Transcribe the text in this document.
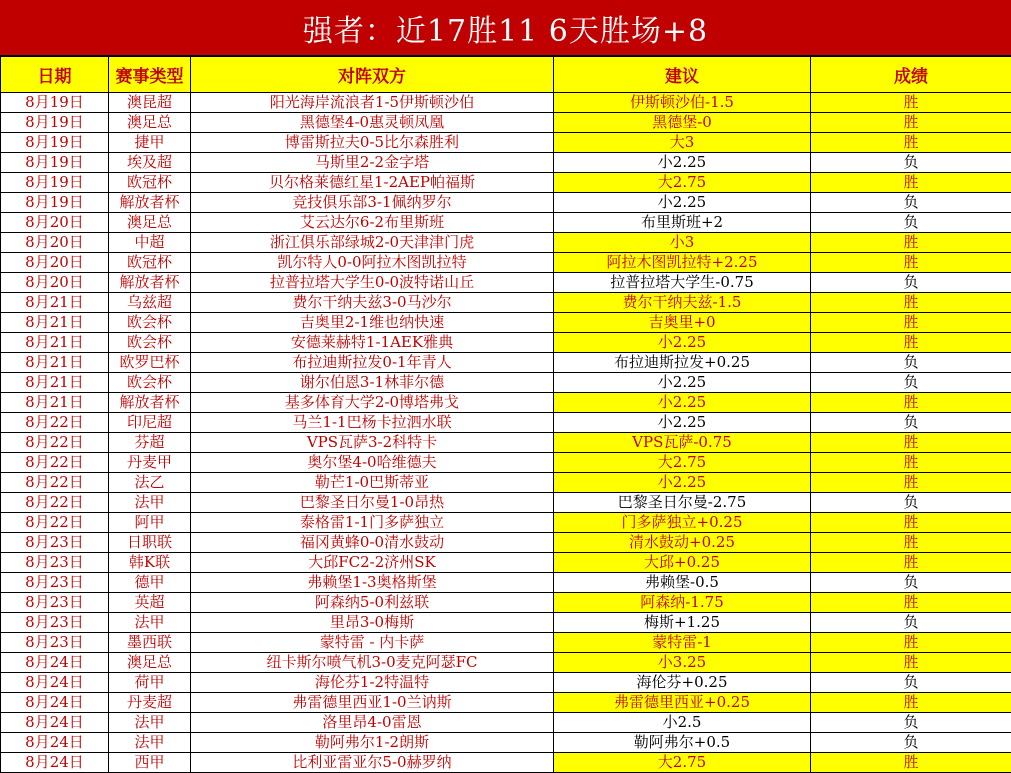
强者：近17胜11 6天胜场+8
日期	赛事类型	对阵双方	建议	成绩
8月19日	澳昆超	阳光海岸流浪者1-5伊斯顿沙伯	伊斯顿沙伯-1.5	胜
8月19日	澳足总	黑德堡4-0惠灵顿凤凰	黑德堡-0	胜
8月19日	捷甲	博雷斯拉夫0-5比尔森胜利	大3	胜
8月19日	埃及超	马斯里2-2金字塔	小2.25	负
8月19日	欧冠杯	贝尔格莱德红星1-2AEP帕福斯	大2.75	胜
8月19日	解放者杯	竞技俱乐部3-1佩纳罗尔	小2.25	负
8月20日	澳足总	艾云达尔6-2布里斯班	布里斯班+2	负
8月20日	中超	浙江俱乐部绿城2-0天津津门虎	小3	胜
8月20日	欧冠杯	凯尔特人0-0阿拉木图凯拉特	阿拉木图凯拉特+2.25	胜
8月20日	解放者杯	拉普拉塔大学生0-0波特诺山丘	拉普拉塔大学生-0.75	负
8月21日	乌兹超	费尔干纳夫兹3-0马沙尔	费尔干纳夫兹-1.5	胜
8月21日	欧会杯	吉奥里2-1维也纳快速	吉奥里+0	胜
8月21日	欧会杯	安德莱赫特1-1AEK雅典	小2.25	胜
8月21日	欧罗巴杯	布拉迪斯拉发0-1年青人	布拉迪斯拉发+0.25	负
8月21日	欧会杯	谢尔伯恩3-1林菲尔德	小2.25	负
8月21日	解放者杯	基多体育大学2-0博塔弗戈	小2.25	胜
8月22日	印尼超	马兰1-1巴杨卡拉泗水联	小2.25	负
8月22日	芬超	VPS瓦萨3-2科特卡	VPS瓦萨-0.75	胜
8月22日	丹麦甲	奥尔堡4-0哈维德夫	大2.75	胜
8月22日	法乙	勒芒1-0巴斯蒂亚	小2.25	胜
8月22日	法甲	巴黎圣日尔曼1-0昂热	巴黎圣日尔曼-2.75	负
8月22日	阿甲	泰格雷1-1门多萨独立	门多萨独立+0.25	胜
8月23日	日职联	福冈黄蜂0-0清水鼓动	清水鼓动+0.25	胜
8月23日	韩K联	大邱FC2-2济州SK	大邱+0.25	胜
8月23日	德甲	弗赖堡1-3奥格斯堡	弗赖堡-0.5	负
8月23日	英超	阿森纳5-0利兹联	阿森纳-1.75	胜
8月23日	法甲	里昂3-0梅斯	梅斯+1.25	负
8月23日	墨西联	蒙特雷 - 内卡萨	蒙特雷-1	胜
8月24日	澳足总	纽卡斯尔喷气机3-0麦克阿瑟FC	小3.25	胜
8月24日	荷甲	海伦芬1-2特温特	海伦芬+0.25	负
8月24日	丹麦超	弗雷德里西亚1-0兰讷斯	弗雷德里西亚+0.25	胜
8月24日	法甲	洛里昂4-0雷恩	小2.5	负
8月24日	法甲	勒阿弗尔1-2朗斯	勒阿弗尔+0.5	负
8月24日	西甲	比利亚雷亚尔5-0赫罗纳	大2.75	胜
